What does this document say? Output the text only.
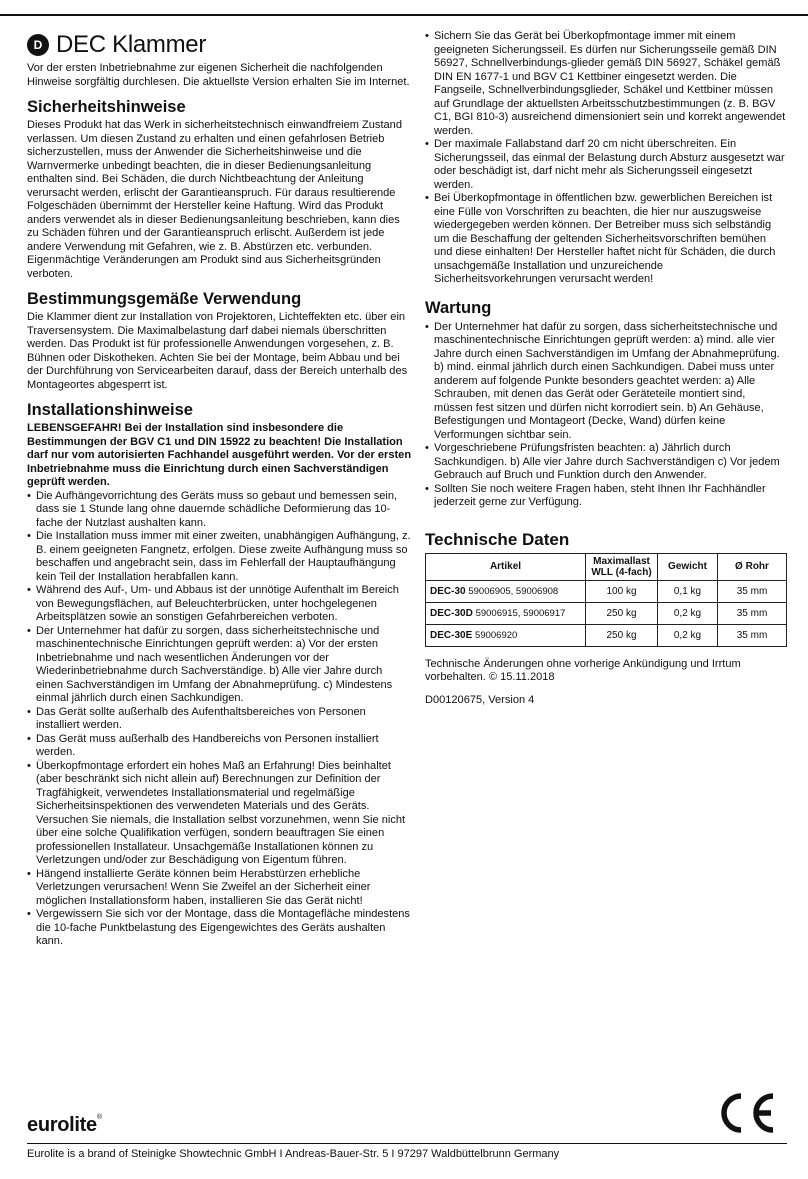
D DEC Klammer

Vor der ersten Inbetriebnahme zur eigenen Sicherheit die nachfolgenden Hinweise sorgfältig durchlesen. Die aktuellste Version erhalten Sie im Internet.

Sicherheitshinweise

Dieses Produkt hat das Werk in sicherheitstechnisch einwandfreiem Zustand verlassen. Um diesen Zustand zu erhalten und einen gefahrlosen Betrieb sicherzustellen, muss der Anwender die Sicherheitshinweise und die Warnvermerke unbedingt beachten, die in dieser Bedienungsanleitung enthalten sind. Bei Schäden, die durch Nichtbeachtung der Anleitung verursacht werden, erlischt der Garantieanspruch. Für daraus resultierende Folgeschäden übernimmt der Hersteller keine Haftung. Wird das Produkt anders verwendet als in dieser Bedienungsanleitung beschrieben, kann dies zu Schäden führen und der Garantieanspruch erlischt. Außerdem ist jede andere Verwendung mit Gefahren, wie z. B. Abstürzen etc. verbunden. Eigenmächtige Veränderungen am Produkt sind aus Sicherheitsgründen verboten.

Bestimmungsgemäße Verwendung

Die Klammer dient zur Installation von Projektoren, Lichteffekten etc. über ein Traversensystem. Die Maximalbelastung darf dabei niemals überschritten werden. Das Produkt ist für professionelle Anwendungen vorgesehen, z. B. Bühnen oder Diskotheken. Achten Sie bei der Montage, beim Abbau und bei der Durchführung von Servicearbeiten darauf, dass der Bereich unterhalb des Montageortes abgesperrt ist.

Installationshinweise

LEBENSGEFAHR! Bei der Installation sind insbesondere die Bestimmungen der BGV C1 und DIN 15922 zu beachten! Die Installation darf nur vom autorisierten Fachhandel ausgeführt werden. Vor der ersten Inbetriebnahme muss die Einrichtung durch einen Sachverständigen geprüft werden.

• Die Aufhängevorrichtung des Geräts muss so gebaut und bemessen sein, dass sie 1 Stunde lang ohne dauernde schädliche Deformierung das 10-fache der Nutzlast aushalten kann.
• Die Installation muss immer mit einer zweiten, unabhängigen Aufhängung, z. B. einem geeigneten Fangnetz, erfolgen. Diese zweite Aufhängung muss so beschaffen und angebracht sein, dass im Fehlerfall der Hauptaufhängung kein Teil der Installation herabfallen kann.
• Während des Auf-, Um- und Abbaus ist der unnötige Aufenthalt im Bereich von Bewegungsflächen, auf Beleuchterbrücken, unter hochgelegenen Arbeitsplätzen sowie an sonstigen Gefahrbereichen verboten.
• Der Unternehmer hat dafür zu sorgen, dass sicherheitstechnische und maschinentechnische Einrichtungen geprüft werden: a) Vor der ersten Inbetriebnahme und nach wesentlichen Änderungen vor der Wiederinbetriebnahme durch Sachverständige. b) Alle vier Jahre durch einen Sachverständigen im Umfang der Abnahmeprüfung. c) Mindestens einmal jährlich durch einen Sachkundigen.
• Das Gerät sollte außerhalb des Aufenthaltsbereiches von Personen installiert werden.
• Das Gerät muss außerhalb des Handbereichs von Personen installiert werden.
• Überkopfmontage erfordert ein hohes Maß an Erfahrung! Dies beinhaltet (aber beschränkt sich nicht allein auf) Berechnungen zur Definition der Tragfähigkeit, verwendetes Installationsmaterial und regelmäßige Sicherheitsinspektionen des verwendeten Materials und des Geräts. Versuchen Sie niemals, die Installation selbst vorzunehmen, wenn Sie nicht über eine solche Qualifikation verfügen, sondern beauftragen Sie einen professionellen Installateur. Unsachgemäße Installationen können zu Verletzungen und/oder zur Beschädigung von Eigentum führen.
• Hängend installierte Geräte können beim Herabstürzen erhebliche Verletzungen verursachen! Wenn Sie Zweifel an der Sicherheit einer möglichen Installationsform haben, installieren Sie das Gerät nicht!
• Vergewissern Sie sich vor der Montage, dass die Montagefläche mindestens die 10-fache Punktbelastung des Eigengewichtes des Geräts aushalten kann.
• Sichern Sie das Gerät bei Überkopfmontage immer mit einem geeigneten Sicherungsseil. Es dürfen nur Sicherungsseile gemäß DIN 56927, Schnellverbindungs-glieder gemäß DIN 56927, Schäkel gemäß DIN EN 1677-1 und BGV C1 Kettbiner eingesetzt werden. Die Fangseile, Schnellverbindungsglieder, Schäkel und Kettbiner müssen auf Grundlage der aktuellsten Arbeitsschutzbestimmungen (z. B. BGV C1, BGI 810-3) ausreichend dimensioniert sein und korrekt angewendet werden.
• Der maximale Fallabstand darf 20 cm nicht überschreiten. Ein Sicherungsseil, das einmal der Belastung durch Absturz ausgesetzt war oder beschädigt ist, darf nicht mehr als Sicherungsseil eingesetzt werden.
• Bei Überkopfmontage in öffentlichen bzw. gewerblichen Bereichen ist eine Fülle von Vorschriften zu beachten, die hier nur auszugsweise wiedergegeben werden können. Der Betreiber muss sich selbständig um die Beschaffung der geltenden Sicherheitsvorschriften bemühen und diese einhalten! Der Hersteller haftet nicht für Schäden, die durch unsachgemäße Installation und unzureichende Sicherheitsvorkehrungen verursacht werden!
Wartung
• Der Unternehmer hat dafür zu sorgen, dass sicherheitstechnische und maschinentechnische Einrichtungen geprüft werden: a) mind. alle vier Jahre durch einen Sachverständigen im Umfang der Abnahmeprüfung. b) mind. einmal jährlich durch einen Sachkundigen. Dabei muss unter anderem auf folgende Punkte besonders geachtet werden: a) Alle Schrauben, mit denen das Gerät oder Geräteteile montiert sind, müssen fest sitzen und dürfen nicht korrodiert sein. b) An Gehäuse, Befestigungen und Montageort (Decke, Wand) dürfen keine Verformungen sichtbar sein.
• Vorgeschriebene Prüfungsfristen beachten: a) Jährlich durch Sachkundigen. b) Alle vier Jahre durch Sachverständigen c) Vor jedem Gebrauch auf Bruch und Funktion durch den Anwender.
• Sollten Sie noch weitere Fragen haben, steht Ihnen Ihr Fachhändler jederzeit gerne zur Verfügung.
Technische Daten
Artikel	Maximallast WLL (4-fach)	Gewicht	Ø Rohr
DEC-30 59006905, 59006908	100 kg	0,1 kg	35 mm
DEC-30D 59006915, 59006917	250 kg	0,2 kg	35 mm
DEC-30E 59006920	250 kg	0,2 kg	35 mm

Technische Änderungen ohne vorherige Ankündigung und Irrtum vorbehalten. © 15.11.2018

D00120675, Version 4

eurolite®
Eurolite is a brand of Steinigke Showtechnic GmbH I Andreas-Bauer-Str. 5 I 97297 Waldbüttelbrunn Germany
